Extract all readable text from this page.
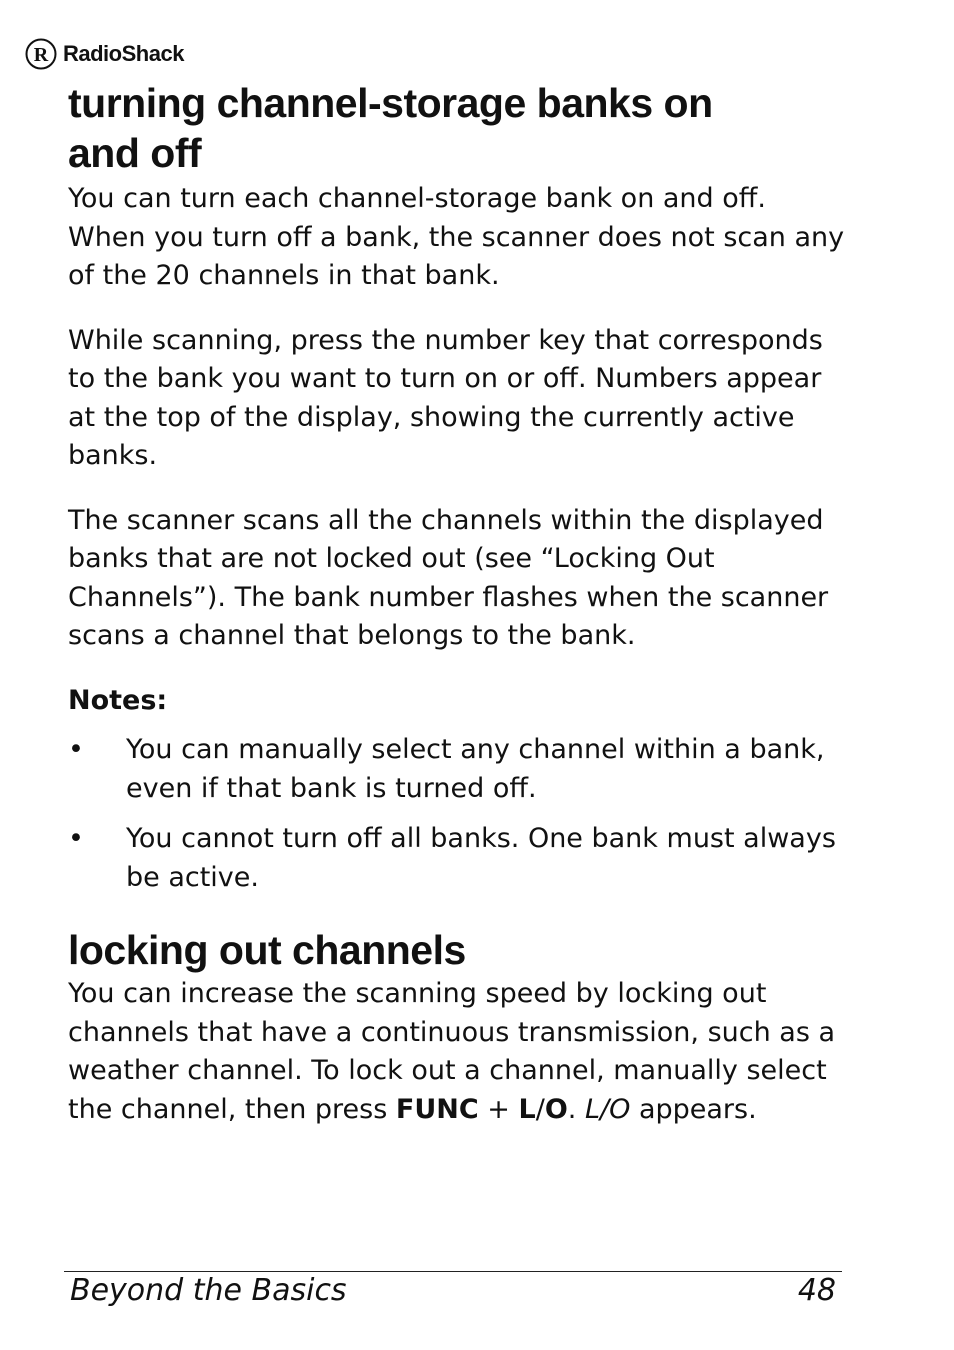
R RadioShack
turning channel-storage banks on
and off

You can turn each channel-storage bank on and off. When you turn off a bank, the scanner does not scan any of the 20 channels in that bank.

While scanning, press the number key that corresponds to the bank you want to turn on or off. Numbers appear at the top of the display, showing the currently active banks.

The scanner scans all the channels within the displayed banks that are not locked out (see “Locking Out Channels”). The bank number flashes when the scanner scans a channel that belongs to the bank.

Notes:

• You can manually select any channel within a bank, even if that bank is turned off.
• You cannot turn off all banks. One bank must always be active.
locking out channels

You can increase the scanning speed by locking out channels that have a continuous transmission, such as a weather channel. To lock out a channel, manually select the channel, then press FUNC + L/O. L/O appears.

Beyond the Basics	48
